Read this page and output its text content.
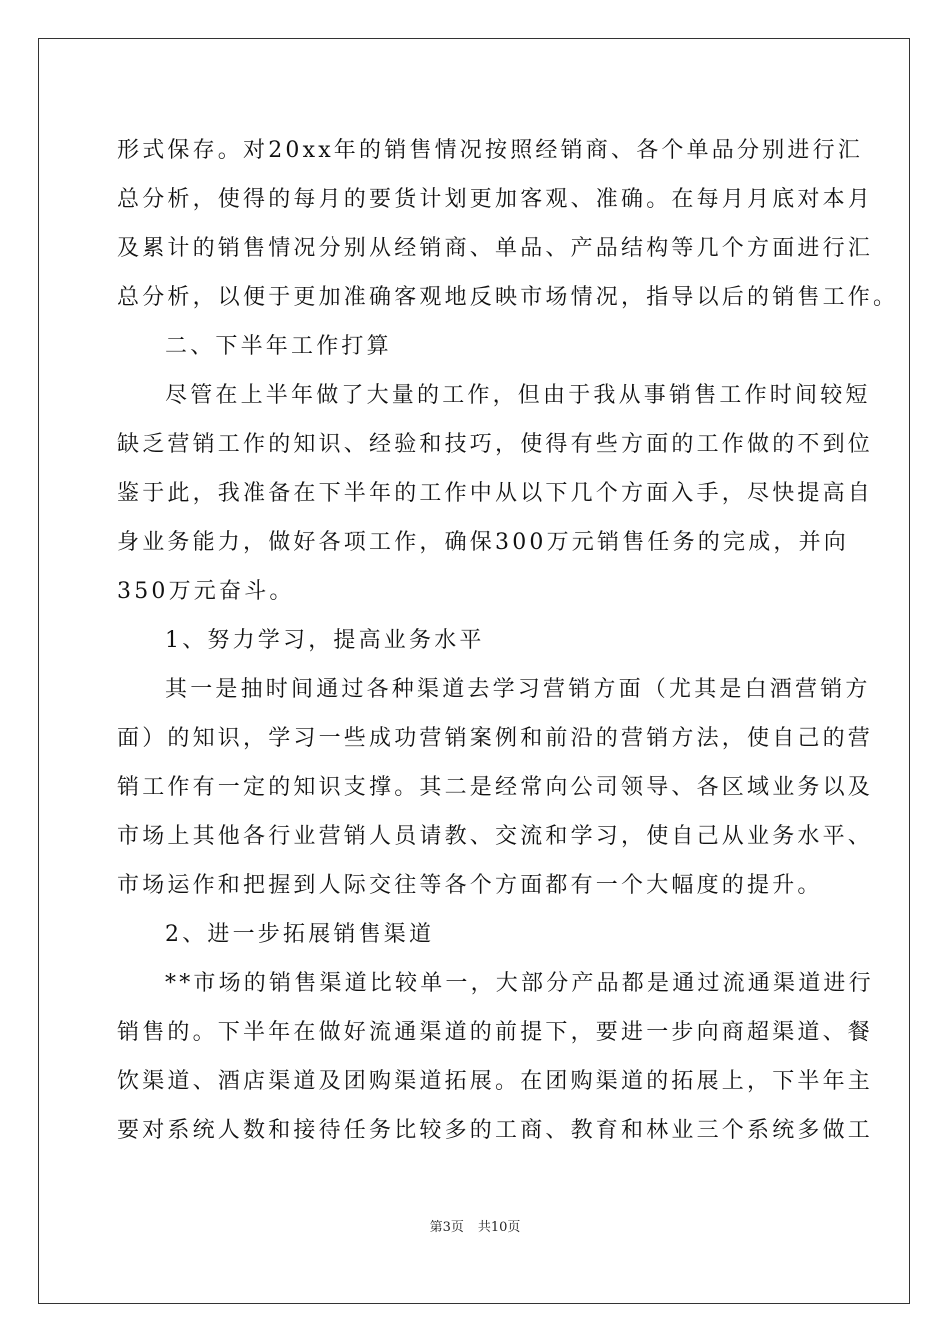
形式保存。对20xx年的销售情况按照经销商、各个单品分别进行汇

总分析，使得的每月的要货计划更加客观、准确。在每月月底对本月

及累计的销售情况分别从经销商、单品、产品结构等几个方面进行汇

总分析，以便于更加准确客观地反映市场情况，指导以后的销售工作。

二、下半年工作打算

尽管在上半年做了大量的工作，但由于我从事销售工作时间较短

缺乏营销工作的知识、经验和技巧，使得有些方面的工作做的不到位

鉴于此，我准备在下半年的工作中从以下几个方面入手，尽快提高自

身业务能力，做好各项工作，确保300万元销售任务的完成，并向

350万元奋斗。

1、努力学习，提高业务水平

其一是抽时间通过各种渠道去学习营销方面（尤其是白酒营销方

面）的知识，学习一些成功营销案例和前沿的营销方法，使自己的营

销工作有一定的知识支撑。其二是经常向公司领导、各区域业务以及

市场上其他各行业营销人员请教、交流和学习，使自己从业务水平、

市场运作和把握到人际交往等各个方面都有一个大幅度的提升。

2、进一步拓展销售渠道

**市场的销售渠道比较单一，大部分产品都是通过流通渠道进行

销售的。下半年在做好流通渠道的前提下，要进一步向商超渠道、餐

饮渠道、酒店渠道及团购渠道拓展。在团购渠道的拓展上，下半年主

要对系统人数和接待任务比较多的工商、教育和林业三个系统多做工

第3页 共10页
